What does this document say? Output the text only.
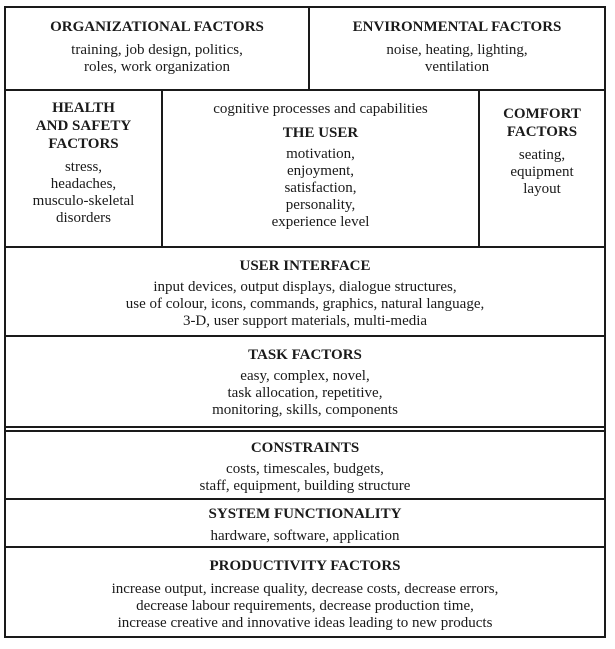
ORGANIZATIONAL FACTORS
training, job design, politics,
roles, work organization
ENVIRONMENTAL FACTORS
noise, heating, lighting,
ventilation
HEALTH
AND SAFETY
FACTORS
stress,
headaches,
musculo-skeletal
disorders
cognitive processes and capabilities
THE USER
motivation,
enjoyment,
satisfaction,
personality,
experience level
COMFORT
FACTORS
seating,
equipment
layout
USER INTERFACE
input devices, output displays, dialogue structures,
use of colour, icons, commands, graphics, natural language,
3-D, user support materials, multi-media
TASK FACTORS
easy, complex, novel,
task allocation, repetitive,
monitoring, skills, components
CONSTRAINTS
costs, timescales, budgets,
staff, equipment, building structure
SYSTEM FUNCTIONALITY
hardware, software, application
PRODUCTIVITY FACTORS
increase output, increase quality, decrease costs, decrease errors,
decrease labour requirements, decrease production time,
increase creative and innovative ideas leading to new products
